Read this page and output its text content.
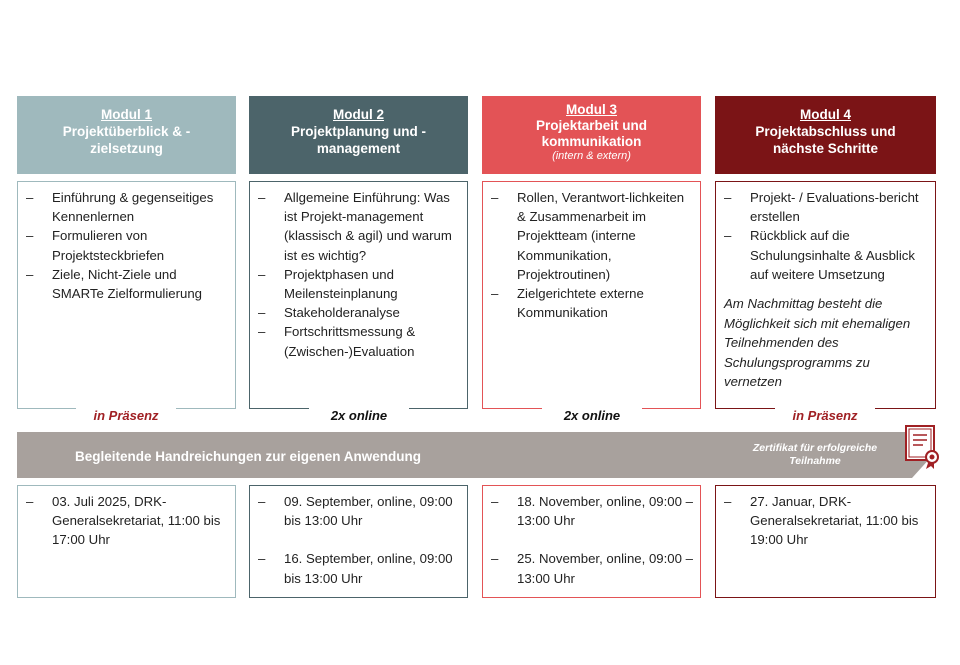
Modul 1
Projektüberblick & -
zielsetzung
Modul 2
Projektplanung und -
management
Modul 3
Projektarbeit und
kommunikation
(intern & extern)
Modul 4
Projektabschluss und
nächste Schritte
– Einführung & gegenseitiges Kennenlernen
– Formulieren von Projektsteckbriefen
– Ziele, Nicht-Ziele und SMARTe Zielformulierung
– Allgemeine Einführung: Was ist Projekt-management (klassisch & agil) und warum ist es wichtig?
– Projektphasen und Meilensteinplanung
– Stakeholderanalyse
– Fortschrittsmessung & (Zwischen-)Evaluation
– Rollen, Verantwort-lichkeiten & Zusammenarbeit im Projektteam (interne Kommunikation, Projektroutinen)
– Zielgerichtete externe Kommunikation
– Projekt- / Evaluations-bericht erstellen
– Rückblick auf die Schulungsinhalte & Ausblick auf weitere Umsetzung
Am Nachmittag besteht die Möglichkeit sich mit ehemaligen Teilnehmenden des Schulungsprogramms zu vernetzen
in Präsenz	2x online	2x online	in Präsenz
Begleitende Handreichungen zur eigenen Anwendung
Zertifikat für erfolgreiche Teilnahme
– 03. Juli 2025, DRK-Generalsekretariat, 11:00 bis 17:00 Uhr
– 09. September, online, 09:00 bis 13:00 Uhr
– 16. September, online, 09:00 bis 13:00 Uhr
– 18. November, online, 09:00 – 13:00 Uhr
– 25. November, online, 09:00 – 13:00 Uhr
– 27. Januar, DRK-Generalsekretariat, 11:00 bis 19:00 Uhr
